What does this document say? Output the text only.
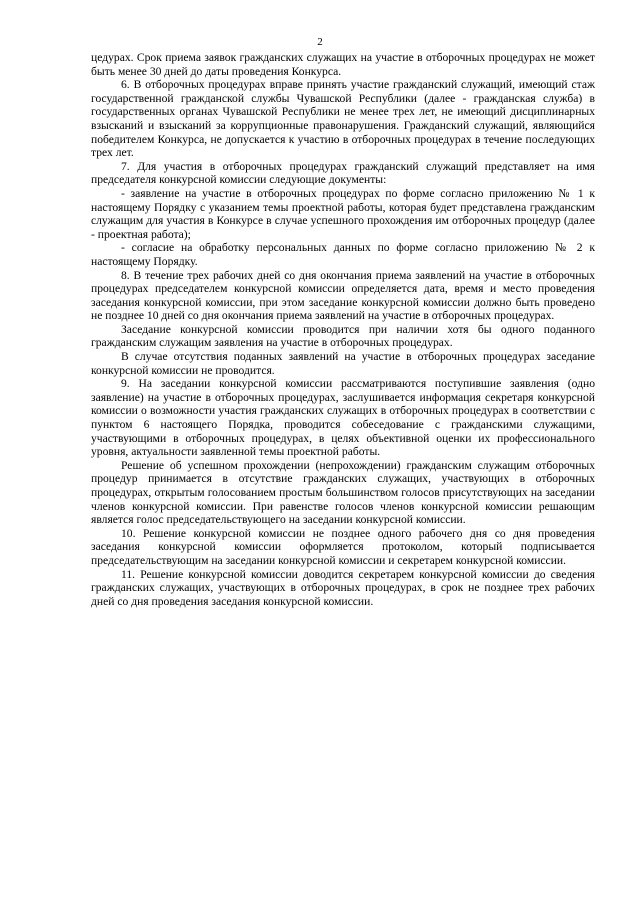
2

цедурах. Срок приема заявок гражданских служащих на участие в отборочных процедурах не может быть менее 30 дней до даты проведения Конкурса.

6. В отборочных процедурах вправе принять участие гражданский служащий, имеющий стаж государственной гражданской службы Чувашской Республики (далее - гражданская служба) в государственных органах Чувашской Республики не менее трех лет, не имеющий дисциплинарных взысканий и взысканий за коррупционные правонарушения. Гражданский служащий, являющийся победителем Конкурса, не допускается к участию в отборочных процедурах в течение последующих трех лет.

7. Для участия в отборочных процедурах гражданский служащий представляет на имя председателя конкурсной комиссии следующие документы:

- заявление на участие в отборочных процедурах по форме согласно приложению № 1 к настоящему Порядку с указанием темы проектной работы, которая будет представлена гражданским служащим для участия в Конкурсе в случае успешного прохождения им отборочных процедур (далее - проектная работа);

- согласие на обработку персональных данных по форме согласно приложению № 2 к настоящему Порядку.

8. В течение трех рабочих дней со дня окончания приема заявлений на участие в отборочных процедурах председателем конкурсной комиссии определяется дата, время и место проведения заседания конкурсной комиссии, при этом заседание конкурсной комиссии должно быть проведено не позднее 10 дней со дня окончания приема заявлений на участие в отборочных процедурах.

Заседание конкурсной комиссии проводится при наличии хотя бы одного поданного гражданским служащим заявления на участие в отборочных процедурах.

В случае отсутствия поданных заявлений на участие в отборочных процедурах заседание конкурсной комиссии не проводится.

9. На заседании конкурсной комиссии рассматриваются поступившие заявления (одно заявление) на участие в отборочных процедурах, заслушивается информация секретаря конкурсной комиссии о возможности участия гражданских служащих в отборочных процедурах в соответствии с пунктом 6 настоящего Порядка, проводится собеседование с гражданскими служащими, участвующими в отборочных процедурах, в целях объективной оценки их профессионального уровня, актуальности заявленной темы проектной работы.

Решение об успешном прохождении (непрохождении) гражданским служащим отборочных процедур принимается в отсутствие гражданских служащих, участвующих в отборочных процедурах, открытым голосованием простым большинством голосов присутствующих на заседании членов конкурсной комиссии. При равенстве голосов членов конкурсной комиссии решающим является голос председательствующего на заседании конкурсной комиссии.

10. Решение конкурсной комиссии не позднее одного рабочего дня со дня проведения заседания конкурсной комиссии оформляется протоколом, который подписывается председательствующим на заседании конкурсной комиссии и секретарем конкурсной комиссии.

11. Решение конкурсной комиссии доводится секретарем конкурсной комиссии до сведения гражданских служащих, участвующих в отборочных процедурах, в срок не позднее трех рабочих дней со дня проведения заседания конкурсной комиссии.
